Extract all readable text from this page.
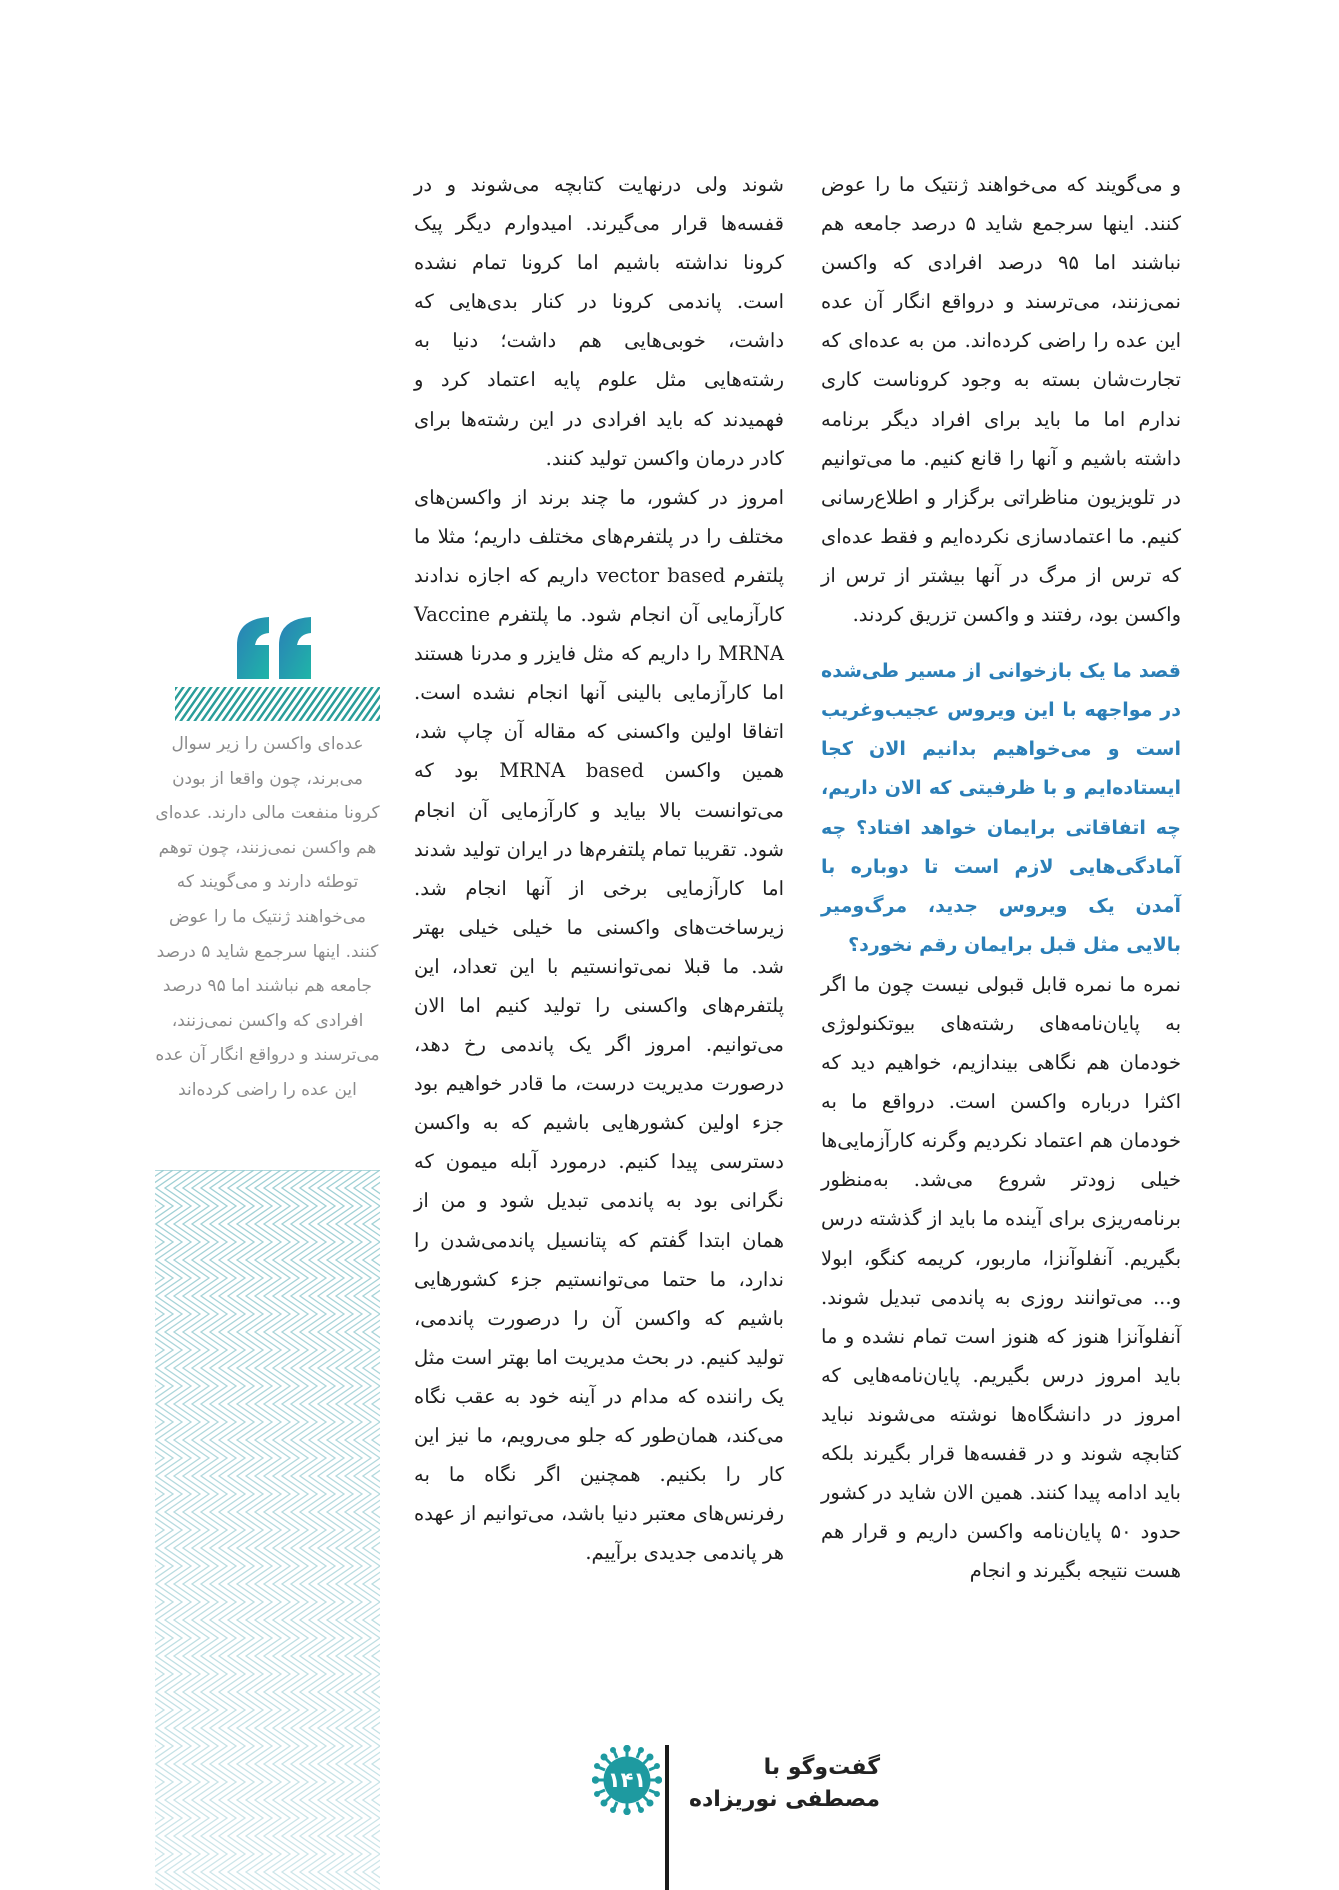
و می‌گویند که می‌خواهند ژنتیک ما را عوض کنند. اینها سرجمع شاید ۵ درصد جامعه هم نباشند اما ۹۵ درصد افرادی که واکسن نمی‌زنند، می‌ترسند و درواقع انگار آن عده این عده را راضی کرده‌اند. من به عده‌ای که تجارت‌شان بسته به وجود کروناست کاری ندارم اما ما باید برای افراد دیگر برنامه داشته باشیم و آنها را قانع کنیم. ما می‌توانیم در تلویزیون مناظراتی برگزار و اطلاع‌رسانی کنیم. ما اعتمادسازی نکرده‌ایم و فقط عده‌ای که ترس از مرگ در آنها بیشتر از ترس از واکسن بود، رفتند و واکسن تزریق کردند.

قصد ما یک بازخوانی از مسیر طی‌شده در مواجهه با این ویروس عجیب‌وغریب است و می‌خواهیم بدانیم الان کجا ایستاده‌ایم و با ظرفیتی که الان داریم، چه اتفاقاتی برایمان خواهد افتاد؟ چه آمادگی‌هایی لازم است تا دوباره با آمدن یک ویروس جدید، مرگ‌ومیر بالایی مثل قبل برایمان رقم نخورد؟

نمره ما نمره قابل قبولی نیست چون ما اگر به پایان‌نامه‌های رشته‌های بیوتکنولوژی خودمان هم نگاهی بیندازیم، خواهیم دید که اکثرا درباره واکسن است. درواقع ما به خودمان هم اعتماد نکردیم وگرنه کارآزمایی‌ها خیلی زودتر شروع می‌شد. به‌منظور برنامه‌ریزی برای آینده ما باید از گذشته درس بگیریم. آنفلوآنزا، ماربور، کریمه کنگو، ابولا و... می‌توانند روزی به پاندمی تبدیل شوند. آنفلوآنزا هنوز که هنوز است تمام نشده و ما باید امروز درس بگیریم. پایان‌نامه‌هایی که امروز در دانشگاه‌ها نوشته می‌شوند نباید کتابچه شوند و در قفسه‌ها قرار بگیرند بلکه باید ادامه پیدا کنند. همین الان شاید در کشور حدود ۵۰ پایان‌نامه واکسن داریم و قرار هم هست نتیجه بگیرند و انجام

شوند ولی درنهایت کتابچه می‌شوند و در قفسه‌ها قرار می‌گیرند. امیدوارم دیگر پیک کرونا نداشته باشیم اما کرونا تمام نشده است. پاندمی کرونا در کنار بدی‌هایی که داشت، خوبی‌هایی هم داشت؛ دنیا به رشته‌هایی مثل علوم پایه اعتماد کرد و فهمیدند که باید افرادی در این رشته‌ها برای کادر درمان واکسن تولید کنند.

امروز در کشور، ما چند برند از واکسن‌های مختلف را در پلتفرم‌های مختلف داریم؛ مثلا ما پلتفرم vector based داریم که اجازه ندادند کارآزمایی آن انجام شود. ما پلتفرم Vaccine MRNA را داریم که مثل فایزر و مدرنا هستند اما کارآزمایی بالینی آنها انجام نشده است. اتفاقا اولین واکسنی که مقاله آن چاپ شد، همین واکسن MRNA based بود که می‌توانست بالا بیاید و کارآزمایی آن انجام شود. تقریبا تمام پلتفرم‌ها در ایران تولید شدند اما کارآزمایی برخی از آنها انجام شد. زیرساخت‌های واکسنی ما خیلی خیلی بهتر شد. ما قبلا نمی‌توانستیم با این تعداد، این پلتفرم‌های واکسنی را تولید کنیم اما الان می‌توانیم. امروز اگر یک پاندمی رخ دهد، درصورت مدیریت درست، ما قادر خواهیم بود جزء اولین کشورهایی باشیم که به واکسن دسترسی پیدا کنیم. درمورد آبله میمون که نگرانی بود به پاندمی تبدیل شود و من از همان ابتدا گفتم که پتانسیل پاندمی‌شدن را ندارد، ما حتما می‌توانستیم جزء کشورهایی باشیم که واکسن آن را درصورت پاندمی، تولید کنیم. در بحث مدیریت اما بهتر است مثل یک راننده که مدام در آینه خود به عقب نگاه می‌کند، همان‌طور که جلو می‌رویم، ما نیز این کار را بکنیم. همچنین اگر نگاه ما به رفرنس‌های معتبر دنیا باشد، می‌توانیم از عهده هر پاندمی جدیدی برآییم.

عده‌ای واکسن را زیر سوال می‌برند، چون واقعا از بودن کرونا منفعت مالی دارند. عده‌ای هم واکسن نمی‌زنند، چون توهم توطئه دارند و می‌گویند که می‌خواهند ژنتیک ما را عوض کنند. اینها سرجمع شاید ۵ درصد جامعه هم نباشند اما ۹۵ درصد افرادی که واکسن نمی‌زنند، می‌ترسند و درواقع انگار آن عده این عده را راضی کرده‌اند
گفت‌وگو با
مصطفی نوریزاده
۱۴۱
